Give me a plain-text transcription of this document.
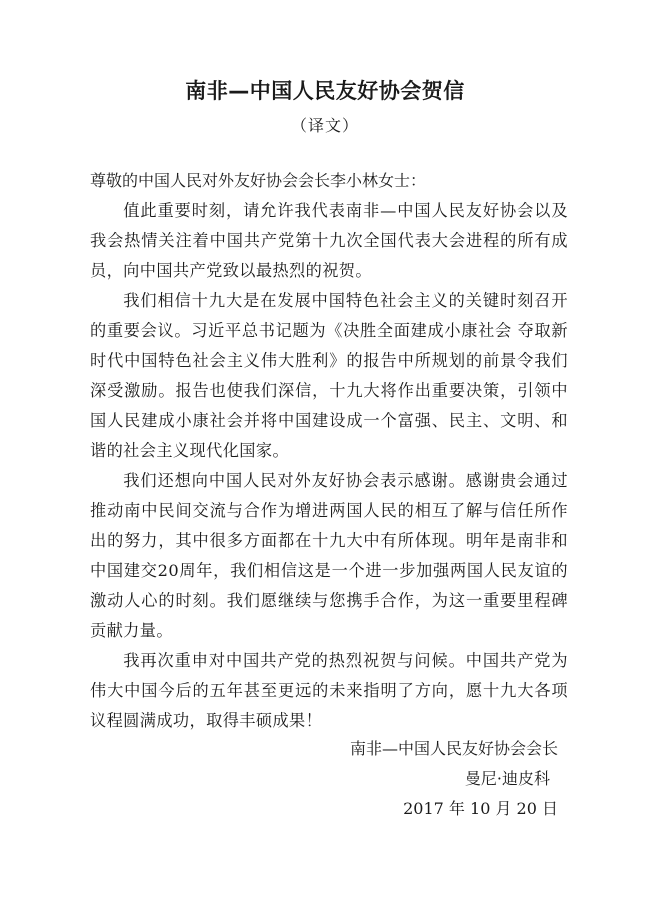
南非—中国人民友好协会贺信

（译文）

尊敬的中国人民对外友好协会会长李小林女士：

值此重要时刻，请允许我代表南非—中国人民友好协会以及我会热情关注着中国共产党第十九次全国代表大会进程的所有成员，向中国共产党致以最热烈的祝贺。

我们相信十九大是在发展中国特色社会主义的关键时刻召开的重要会议。习近平总书记题为《决胜全面建成小康社会 夺取新时代中国特色社会主义伟大胜利》的报告中所规划的前景令我们深受激励。报告也使我们深信，十九大将作出重要决策，引领中国人民建成小康社会并将中国建设成一个富强、民主、文明、和谐的社会主义现代化国家。

我们还想向中国人民对外友好协会表示感谢。感谢贵会通过推动南中民间交流与合作为增进两国人民的相互了解与信任所作出的努力，其中很多方面都在十九大中有所体现。明年是南非和中国建交20周年，我们相信这是一个进一步加强两国人民友谊的激动人心的时刻。我们愿继续与您携手合作，为这一重要里程碑贡献力量。

我再次重申对中国共产党的热烈祝贺与问候。中国共产党为伟大中国今后的五年甚至更远的未来指明了方向，愿十九大各项议程圆满成功，取得丰硕成果！

南非—中国人民友好协会会长

曼尼·迪皮科

2017 年 10 月 20 日
